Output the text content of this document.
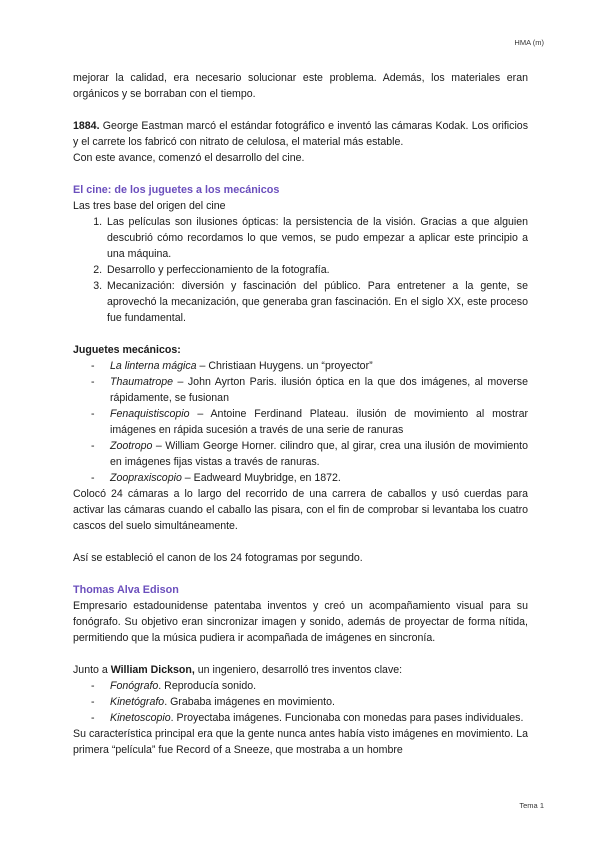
HMA (m)

mejorar la calidad, era necesario solucionar este problema. Además, los materiales eran orgánicos y se borraban con el tiempo.

1884. George Eastman marcó el estándar fotográfico e inventó las cámaras Kodak. Los orificios y el carrete los fabricó con nitrato de celulosa, el material más estable.

Con este avance, comenzó el desarrollo del cine.

El cine: de los juguetes a los mecánicos

Las tres base del origen del cine

1. Las películas son ilusiones ópticas: la persistencia de la visión. Gracias a que alguien descubrió cómo recordamos lo que vemos, se pudo empezar a aplicar este principio a una máquina.
2. Desarrollo y perfeccionamiento de la fotografía.
3. Mecanización: diversión y fascinación del público. Para entretener a la gente, se aprovechó la mecanización, que generaba gran fascinación. En el siglo XX, este proceso fue fundamental.

Juguetes mecánicos:

- La linterna mágica – Christiaan Huygens. un “proyector”
- Thaumatrope – John Ayrton Paris. ilusión óptica en la que dos imágenes, al moverse rápidamente, se fusionan
- Fenaquistiscopio – Antoine Ferdinand Plateau. ilusión de movimiento al mostrar imágenes en rápida sucesión a través de una serie de ranuras
- Zootropo – William George Horner. cilindro que, al girar, crea una ilusión de movimiento en imágenes fijas vistas a través de ranuras.
- Zoopraxiscopio – Eadweard Muybridge, en 1872.

Colocó 24 cámaras a lo largo del recorrido de una carrera de caballos y usó cuerdas para activar las cámaras cuando el caballo las pisara, con el fin de comprobar si levantaba los cuatro cascos del suelo simultáneamente.

Así se estableció el canon de los 24 fotogramas por segundo.

Thomas Alva Edison

Empresario estadounidense patentaba inventos y creó un acompañamiento visual para su fonógrafo. Su objetivo eran sincronizar imagen y sonido, además de proyectar de forma nítida, permitiendo que la música pudiera ir acompañada de imágenes en sincronía.

Junto a William Dickson, un ingeniero, desarrolló tres inventos clave:

- Fonógrafo. Reproducía sonido.
- Kinetógrafo. Grababa imágenes en movimiento.
- Kinetoscopio. Proyectaba imágenes. Funcionaba con monedas para pases individuales.

Su característica principal era que la gente nunca antes había visto imágenes en movimiento. La primera “película” fue Record of a Sneeze, que mostraba a un hombre

Tema 1
